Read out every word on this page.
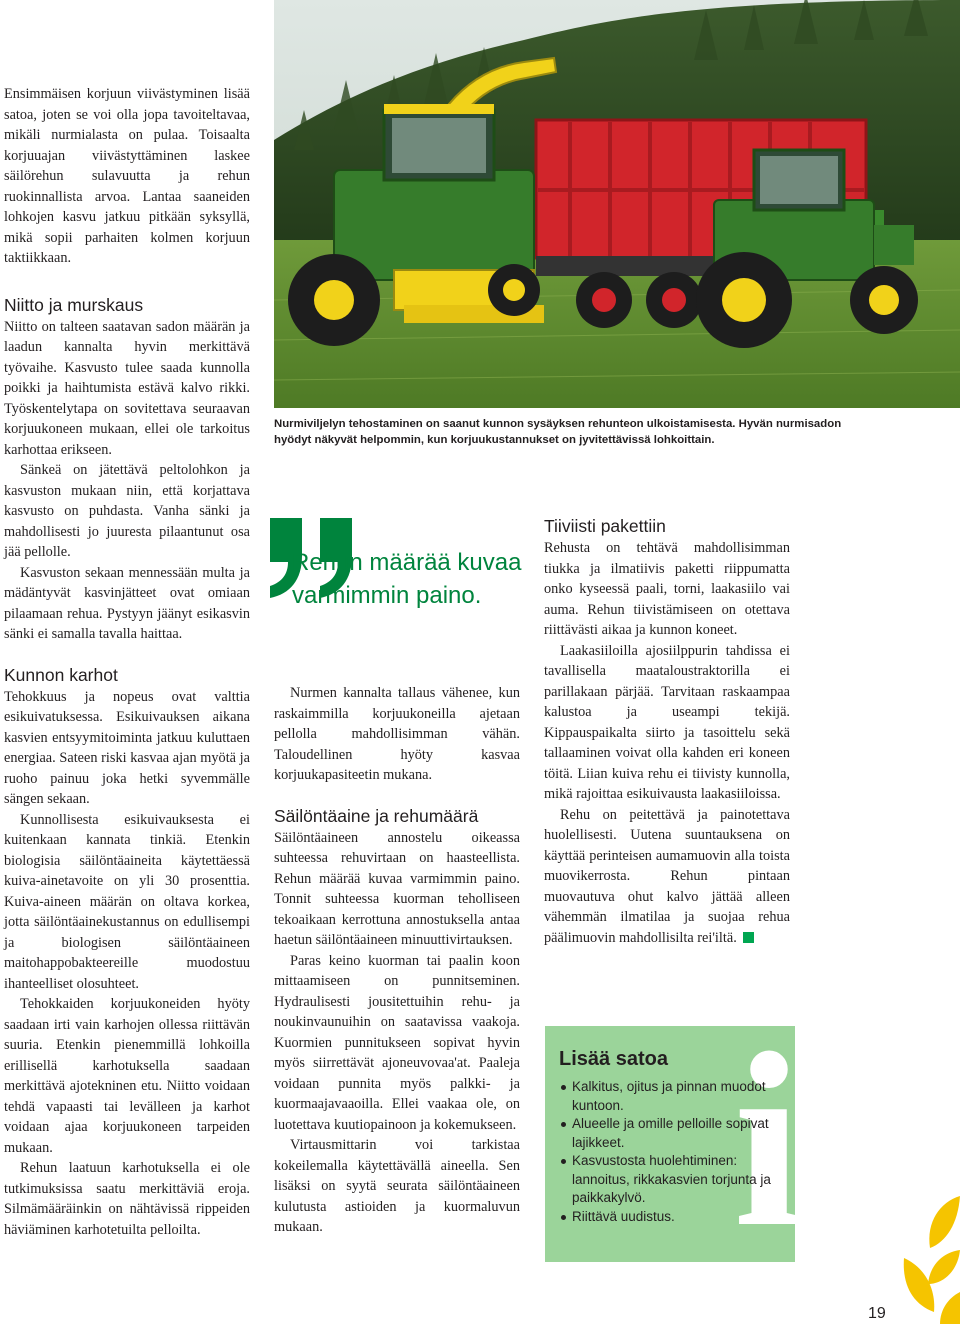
Ensimmäisen korjuun viivästyminen lisää satoa, joten se voi olla jopa tavoiteltavaa, mikäli nurmialasta on pulaa. Toisaalta korjuuajan viivästyttäminen laskee säilörehun sulavuutta ja rehun ruokinnallista arvoa. Lantaa saaneiden lohkojen kasvu jatkuu pitkään syksyllä, mikä sopii parhaiten kolmen korjuun taktiikkaan.

Niitto ja murskaus

Niitto on talteen saatavan sadon määrän ja laadun kannalta hyvin merkittävä työvaihe. Kasvusto tulee saada kunnolla poikki ja haihtumista estävä kalvo rikki. Työskentelytapa on sovitettava seuraavan korjuukoneen mukaan, ellei ole tarkoitus karhottaa erikseen.

Sänkeä on jätettävä peltolohkon ja kasvuston mukaan niin, että korjattava kasvusto on puhdasta. Vanha sänki ja mahdollisesti jo juuresta pilaantunut osa jää pellolle.

Kasvuston sekaan mennessään multa ja mädäntyvät kasvinjätteet ovat omiaan pilaamaan rehua. Pystyyn jäänyt esikasvin sänki ei samalla tavalla haittaa.

Kunnon karhot

Tehokkuus ja nopeus ovat valttia esikuivatuksessa. Esikuivauksen aikana kasvien entsyymitoiminta jatkuu kuluttaen energiaa. Sateen riski kasvaa ajan myötä ja ruoho painuu joka hetki syvemmälle sängen sekaan.

Kunnollisesta esikuivauksesta ei kuitenkaan kannata tinkiä. Etenkin biologisia säilöntäaineita käytettäessä kuiva-ainetavoite on yli 30 prosenttia. Kuiva-aineen määrän on oltava korkea, jotta säilöntäainekustannus on edullisempi ja biologisen säilöntäaineen maitohappobakteereille muodostuu ihanteelliset olosuhteet.

Tehokkaiden korjuukoneiden hyöty saadaan irti vain karhojen ollessa riittävän suuria. Etenkin pienemmillä lohkoilla erillisellä karhotuksella saadaan merkittävä ajotekninen etu. Niitto voidaan tehdä vapaasti tai levälleen ja karhot voidaan ajaa korjuukoneen tarpeiden mukaan.

Rehun laatuun karhotuksella ei ole tutkimuksissa saatu merkittäviä eroja. Silmämääräinkin on nähtävissä rippeiden häviäminen karhotetuilta pelloilta.

Nurmiviljelyn tehostaminen on saanut kunnon sysäyksen rehunteon ulkoistamisesta. Hyvän nurmisadon hyödyt näkyvät helpommin, kun korjuukustannukset on jyvitettävissä lohkoittain.

Rehun määrää kuvaa varmimmin paino.

Nurmen kannalta tallaus vähenee, kun raskaimmilla korjuukoneilla ajetaan pellolla mahdollisimman vähän. Taloudellinen hyöty kasvaa korjuukapasiteetin mukana.

Säilöntäaine ja rehumäärä

Säilöntäaineen annostelu oikeassa suhteessa rehuvirtaan on haasteellista. Rehun määrää kuvaa varmimmin paino. Tonnit suhteessa kuorman teholliseen tekoaikaan kerrottuna annostuksella antaa haetun säilöntäaineen minuuttivirtauksen.

Paras keino kuorman tai paalin koon mittaamiseen on punnitseminen. Hydraulisesti jousitettuihin rehu- ja noukinvaunuihin on saatavissa vaakoja. Kuormien punnitukseen sopivat hyvin myös siirrettävät ajoneuvovaa'at. Paaleja voidaan punnita myös palkki- ja kuormaajavaaoilla. Ellei vaakaa ole, on luotettava kuutiopainoon ja kokemukseen.

Virtausmittarin voi tarkistaa kokeilemalla käytettävällä aineella. Sen lisäksi on syytä seurata säilöntäaineen kulutusta astioiden ja kuormaluvun mukaan.

Tiiviisti pakettiin

Rehusta on tehtävä mahdollisimman tiukka ja ilmatiivis paketti riippumatta onko kyseessä paali, torni, laakasiilo vai auma. Rehun tiivistämiseen on otettava riittävästi aikaa ja kunnon koneet.

Laakasiiloilla ajosiilppurin tahdissa ei tavallisella maataloustraktorilla ei parillakaan pärjää. Tarvitaan raskaampaa kalustoa ja useampi tekijä. Kippauspaikalta siirto ja tasoittelu sekä tallaaminen voivat olla kahden eri koneen töitä. Liian kuiva rehu ei tiivisty kunnolla, mikä rajoittaa esikuivausta laakasiiloissa.

Rehu on peitettävä ja painotettava huolellisesti. Uutena suuntauksena on käyttää perinteisen aumamuovin alla toista muovikerrosta. Rehun pintaan muovautuva ohut kalvo jättää alleen vähemmän ilmatilaa ja suojaa rehua päälimuovin mahdollisilta rei'iltä.

i
Lisää satoa
Kalkitus, ojitus ja pinnan muodot kuntoon.
Alueelle ja omille pelloille sopivat lajikkeet.
Kasvustosta huolehtiminen: lannoitus, rikkakasvien torjunta ja paikkakylvö.
Riittävä uudistus.
19
